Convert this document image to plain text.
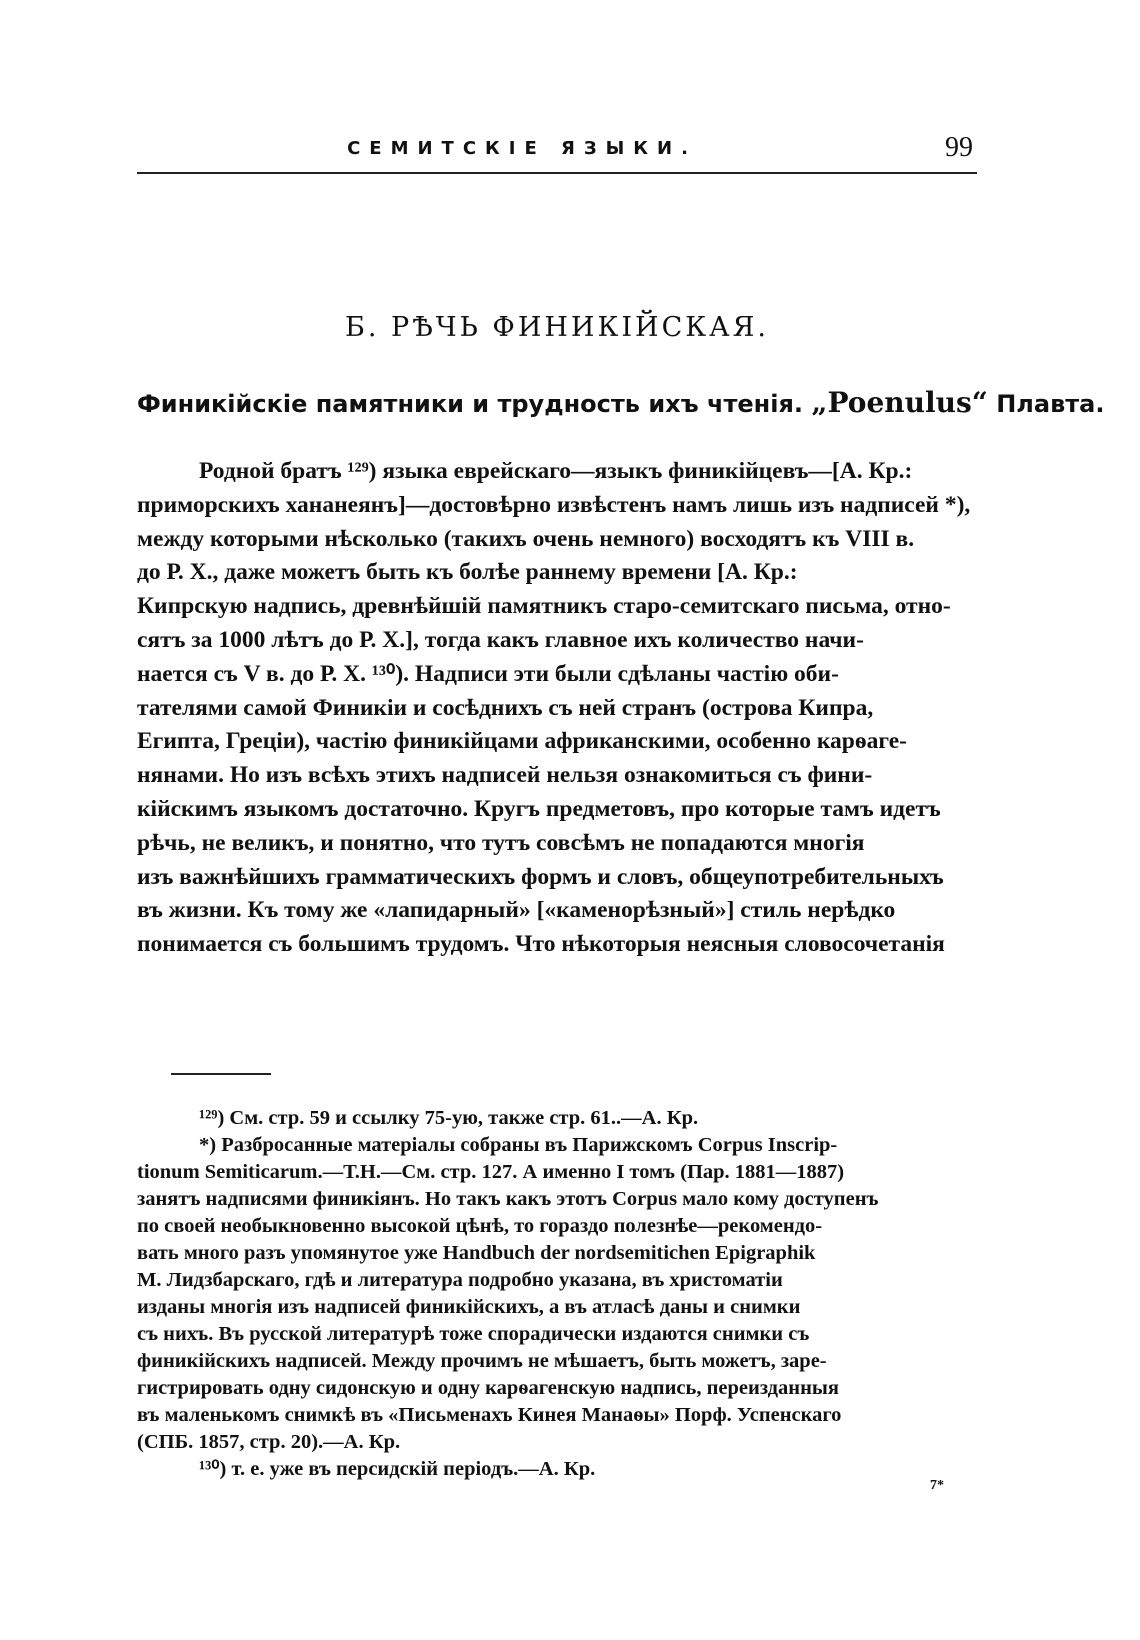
СЕМИТСКІЕ ЯЗЫКИ.	99
Б. РѢЧЬ ФИНИКІЙСКАЯ.
Финикійскіе памятники и трудность ихъ чтенія. „Poenulus“ Плавта.
Родной братъ ¹²⁹) языка еврейскаго—языкъ финикійцевъ—[А. Кр.:
приморскихъ хананеянъ]—достовѣрно извѣстенъ намъ лишь изъ надписей *),
между которыми нѣсколько (такихъ очень немного) восходятъ къ VIII в.
до Р. X., даже можетъ быть къ болѣе раннему времени [А. Кр.:
Кипрскую надпись, древнѣйшій памятникъ старо-семитскаго письма, отно-
сятъ за 1000 лѣтъ до Р. X.], тогда какъ главное ихъ количество начи-
нается съ V в. до Р. X. ¹³⁰). Надписи эти были сдѣланы частію оби-
тателями самой Финикіи и сосѣднихъ съ ней странъ (острова Кипра,
Египта, Греціи), частію финикійцами африканскими, особенно карѳаге-
нянами. Но изъ всѣхъ этихъ надписей нельзя ознакомиться съ фини-
кійскимъ языкомъ достаточно. Кругъ предметовъ, про которые тамъ идетъ
рѣчь, не великъ, и понятно, что тутъ совсѣмъ не попадаются многія
изъ важнѣйшихъ грамматическихъ формъ и словъ, общеупотребительныхъ
въ жизни. Къ тому же «лапидарный» [«каменорѣзный»] стиль нерѣдко
понимается съ большимъ трудомъ. Что нѣкоторыя неясныя словосочетанія
¹²⁹) См. стр. 59 и ссылку 75-ую, также стр. 61..—А. Кр.
*) Разбросанные матеріалы собраны въ Парижскомъ Corpus Inscrip-
tionum Semiticarum.—Т.Н.—См. стр. 127. А именно I томъ (Пар. 1881—1887)
занятъ надписями финикіянъ. Но такъ какъ этотъ Corpus мало кому доступенъ
по своей необыкновенно высокой цѣнѣ, то гораздо полезнѣе—рекомендо-
вать много разъ упомянутое уже Handbuch der nordsemitichen Epigraphik
М. Лидзбарскаго, гдѣ и литература подробно указана, въ христоматіи
изданы многія изъ надписей финикійскихъ, а въ атласѣ даны и снимки
съ нихъ. Въ русской литературѣ тоже спорадически издаются снимки съ
финикійскихъ надписей. Между прочимъ не мѣшаетъ, быть можетъ, заре-
гистрировать одну сидонскую и одну карѳагенскую надпись, переизданныя
въ маленькомъ снимкѣ въ «Письменахъ Кинея Манаѳы» Порф. Успенскаго
(СПБ. 1857, стр. 20).—А. Кр.
¹³⁰) т. е. уже въ персидскій періодъ.—А. Кр.
7*
